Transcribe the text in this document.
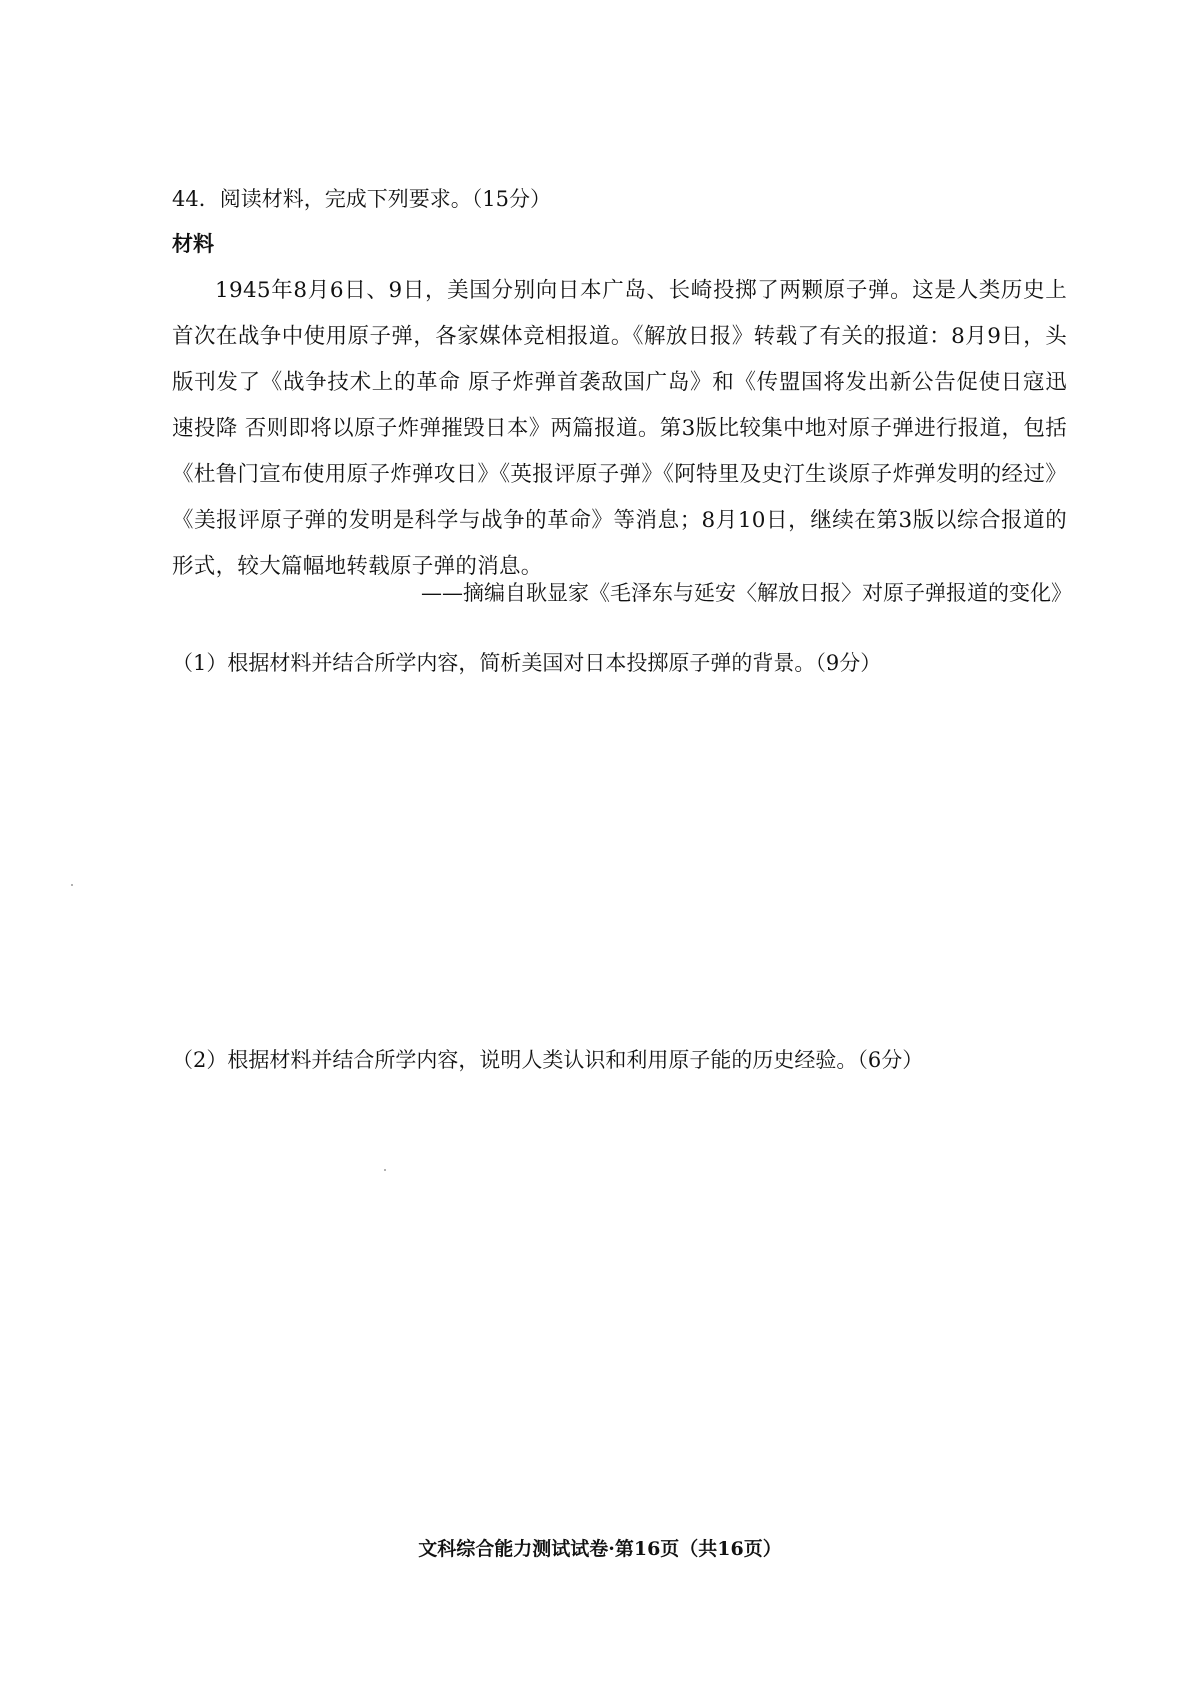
44．阅读材料，完成下列要求。（15分）
材料

1945年8月6日、9日，美国分别向日本广岛、长崎投掷了两颗原子弹。这是人类历史上首次在战争中使用原子弹，各家媒体竞相报道。《解放日报》转载了有关的报道：8月9日，头版刊发了《战争技术上的革命 原子炸弹首袭敌国广岛》和《传盟国将发出新公告促使日寇迅速投降 否则即将以原子炸弹摧毁日本》两篇报道。第3版比较集中地对原子弹进行报道，包括《杜鲁门宣布使用原子炸弹攻日》《英报评原子弹》《阿特里及史汀生谈原子炸弹发明的经过》《美报评原子弹的发明是科学与战争的革命》等消息；8月10日，继续在第3版以综合报道的形式，较大篇幅地转载原子弹的消息。

——摘编自耿显家《毛泽东与延安〈解放日报〉对原子弹报道的变化》
（1）根据材料并结合所学内容，简析美国对日本投掷原子弹的背景。（9分）
（2）根据材料并结合所学内容，说明人类认识和利用原子能的历史经验。（6分）
文科综合能力测试试卷·第16页（共16页）
